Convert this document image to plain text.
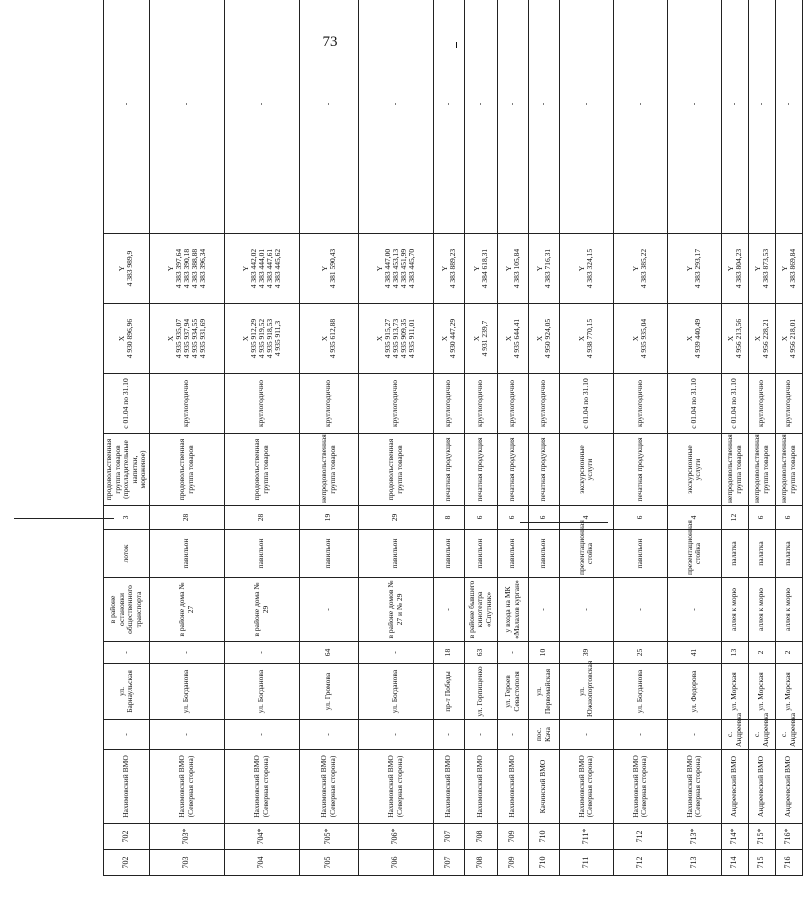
73
702	702	Нахимовский ВМО	-	ул. Барнаульская	-	в районе остановки общественного транспорта	лоток	3	продовольственная группа товаров (прохладительные напитки, мороженое)	с 01.04 по 31.10	X 4 930 896,96	Y 4 383 989,9	-
703	703*	Нахимовский ВМО (Северная сторона)	-	ул. Богданова	-	в районе дома № 27	павильон	28	продовольственная группа товаров	круглогодично	X 4 935 935,07 4 935 937,94 4 935 934,55 4 935 931,69	Y 4 383 397,64 4 383 390,18 4 383 388,88 4 383 396,34	-
704	704*	Нахимовский ВМО (Северная сторона)	-	ул. Богданова	-	в районе дома № 29	павильон	28	продовольственная группа товаров	круглогодично	X 4 935 912,29 4 935 919,52 4 935 918,53 4 935 911,3	Y 4 383 442,02 4 383 444,01 4 383 447,61 4 383 445,62	-
705	705*	Нахимовский ВМО (Северная сторона)	-	ул. Громова	64	-	павильон	19	непродовольственная группа товаров	круглогодично	X 4 935 612,88	Y 4 381 590,43	-
706	706*	Нахимовский ВМО (Северная сторона)	-	ул. Богданова	-	в районе домов № 27 и № 29	павильон	29	продовольственная группа товаров	круглогодично	X 4 935 915,27 4 935 913,73 4 935 909,35 4 935 911,01	Y 4 383 447,00 4 383 453,13 4 383 451,99 4 383 445,70	-
707	707	Нахимовский ВМО	-	пр-т Победы	18	-	павильон	8	печатная продукция	круглогодично	X 4 930 447,29	Y 4 383 889,23	-
708	708	Нахимовский ВМО	-	ул. Горпищенко	63	в районе бывшего кинотеатра «Спутник»	павильон	6	печатная продукция	круглогодично	X 4 931 239,7	Y 4 384 618,31	-
709	709	Нахимовский ВМО	-	ул. Героев Севастополя	-	у входа на МК «Малахов курган»	павильон	6	печатная продукция	круглогодично	X 4 935 644,41	Y 4 383 105,84	-
710	710	Качинский ВМО	пос. Кача	ул. Первомайская	10	-	павильон	6	печатная продукция	круглогодично	X 4 950 924,05	Y 4 383 716,31	-
711	711*	Нахимовский ВМО (Северная сторона)	-	ул. Южнопортовская	39	-	презентационная стойка	4	экскурсионные услуги	с 01.04 по 31.10	X 4 938 770,15	Y 4 383 324,15	-
712	712	Нахимовский ВМО (Северная сторона)	-	ул. Богданова	25	-	павильон	6	печатная продукция	круглогодично	X 4 935 935,04	Y 4 383 385,22	-
713	713*	Нахимовский ВМО (Северная сторона)	-	ул. Федорова	41	-	презентационная стойка	4	экскурсионные услуги	с 01.04 по 31.10	X 4 939 440,49	Y 4 383 293,17	-
714	714*	Андреевский ВМО	с. Андреевка	ул. Морская	13	аллея к морю	палатка	12	непродовольственная группа товаров	с 01.04 по 31.10	X 4 956 213,56	Y 4 383 804,23	-
715	715*	Андреевский ВМО	с. Андреевка	ул. Морская	2	аллея к морю	палатка	6	непродовольственная группа товаров	круглогодично	X 4 956 228,21	Y 4 383 873,53	-
716	716*	Андреевский ВМО	с. Андреевка	ул. Морская	2	аллея к морю	палатка	6	непродовольственная группа товаров	круглогодично	X 4 956 218,01	Y 4 383 869,84	-
